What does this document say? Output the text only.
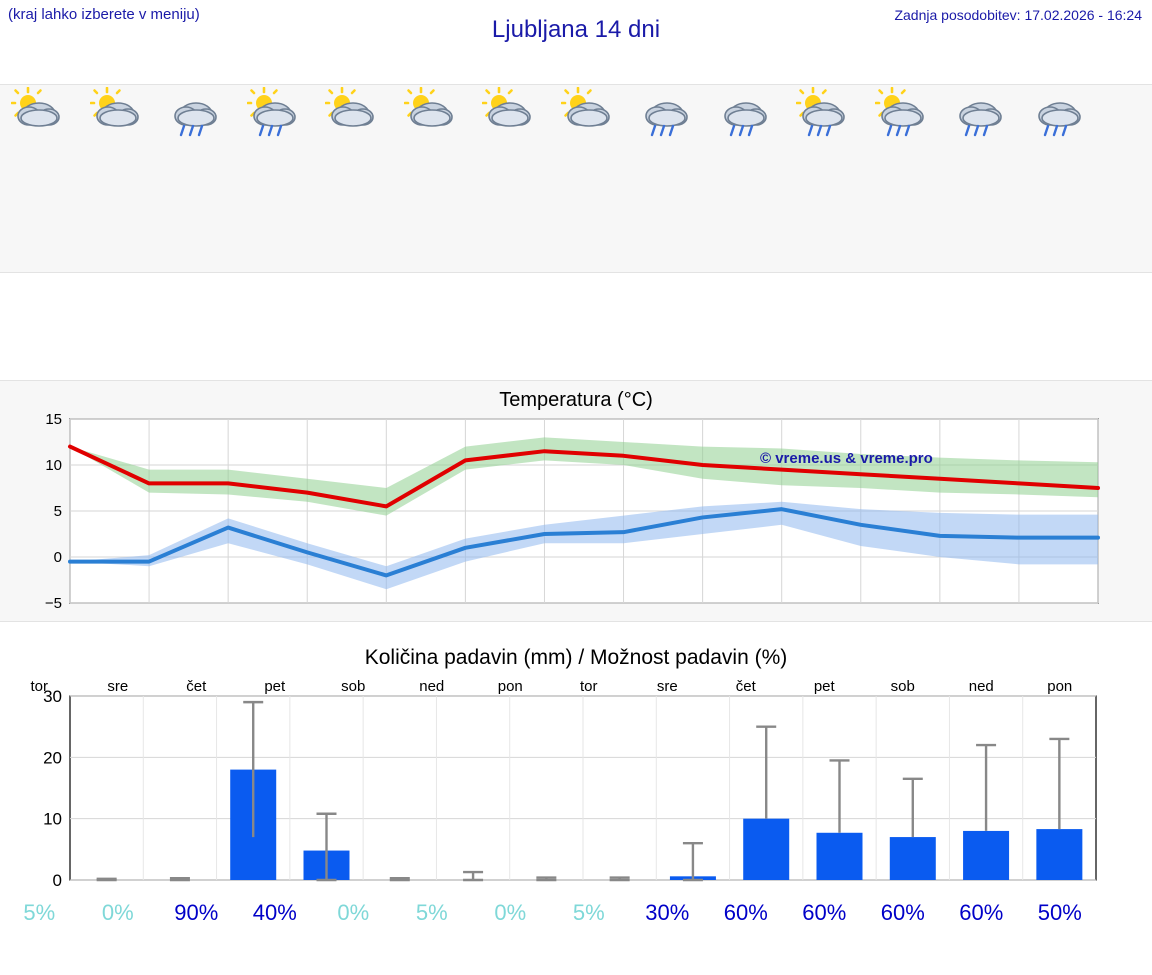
(kraj lahko izberete v meniju)
Ljubljana 14 dni
Zadnja posodobitev: 17.02.2026 - 16:24
Temperatura (°C)
−5
0
5
10
15
© vreme.us & vreme.pro
Količina padavin (mm) / Možnost padavin (%)
0
10
20
30
tor	sre	čet	pet	sob	ned	pon	tor	sre	čet	pet	sob	ned	pon
5%	0%	90%	40%	0%	5%	0%	5%	30%	60%	60%	60%	60%	50%
